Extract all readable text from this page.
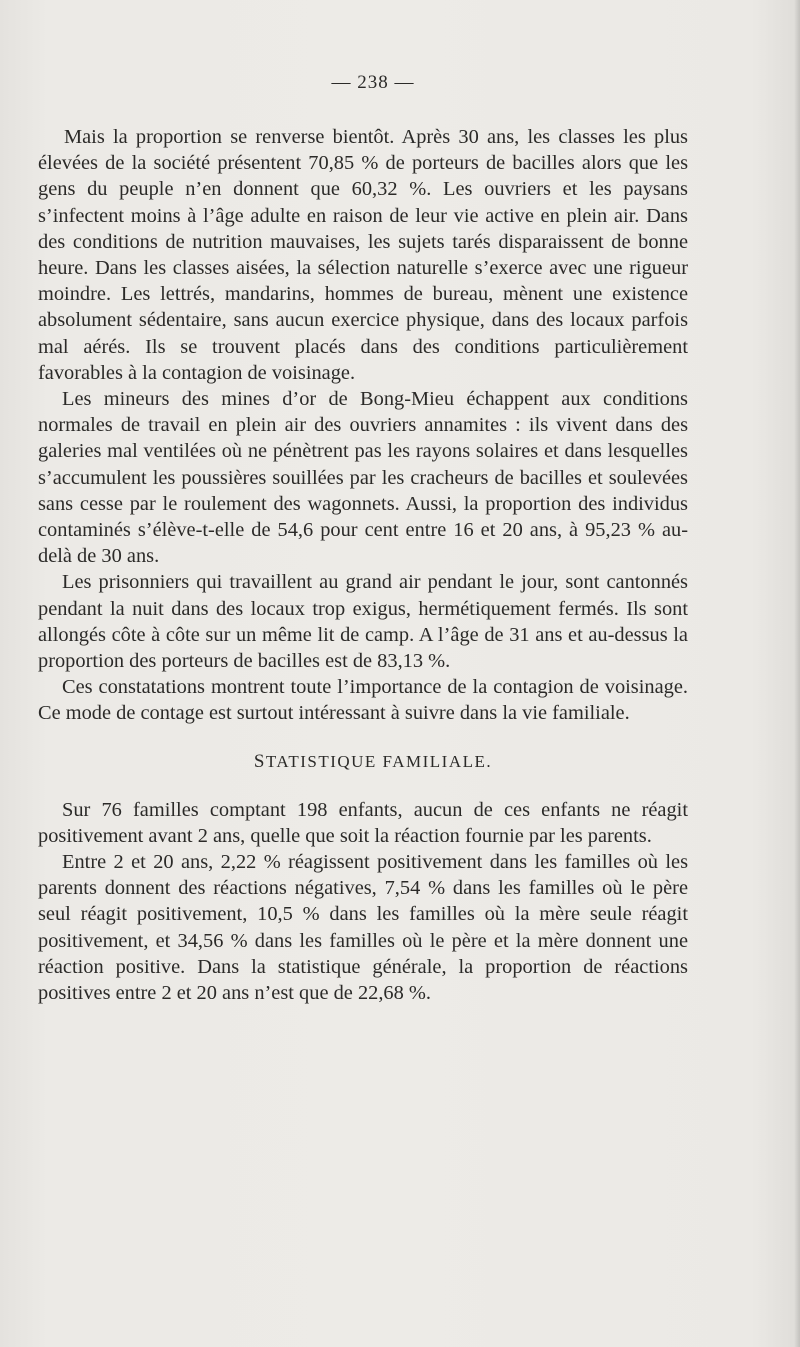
— 238 —

Mais la proportion se renverse bientôt. Après 30 ans, les classes les plus élevées de la société présentent 70,85 % de porteurs de bacilles alors que les gens du peuple n’en donnent que 60,32 %. Les ouvriers et les paysans s’infectent moins à l’âge adulte en raison de leur vie active en plein air. Dans des conditions de nutrition mauvaises, les sujets tarés disparaissent de bonne heure. Dans les classes aisées, la sélection naturelle s’exerce avec une rigueur moindre. Les lettrés, mandarins, hommes de bureau, mènent une existence absolument sédentaire, sans aucun exercice physique, dans des locaux parfois mal aérés. Ils se trouvent placés dans des conditions particulièrement favorables à la contagion de voisinage.

Les mineurs des mines d’or de Bong-Mieu échappent aux conditions normales de travail en plein air des ouvriers annamites : ils vivent dans des galeries mal ventilées où ne pénètrent pas les rayons solaires et dans lesquelles s’accumulent les poussières souillées par les cracheurs de bacilles et soulevées sans cesse par le roulement des wagonnets. Aussi, la proportion des individus contaminés s’élève-t-elle de 54,6 pour cent entre 16 et 20 ans, à 95,23 % au-delà de 30 ans.

Les prisonniers qui travaillent au grand air pendant le jour, sont cantonnés pendant la nuit dans des locaux trop exigus, hermétiquement fermés. Ils sont allongés côte à côte sur un même lit de camp. A l’âge de 31 ans et au-dessus la proportion des porteurs de bacilles est de 83,13 %.

Ces constatations montrent toute l’importance de la contagion de voisinage. Ce mode de contage est surtout intéressant à suivre dans la vie familiale.

STATISTIQUE FAMILIALE.

Sur 76 familles comptant 198 enfants, aucun de ces enfants ne réagit positivement avant 2 ans, quelle que soit la réaction fournie par les parents.

Entre 2 et 20 ans, 2,22 % réagissent positivement dans les familles où les parents donnent des réactions négatives, 7,54 % dans les familles où le père seul réagit positivement, 10,5 % dans les familles où la mère seule réagit positivement, et 34,56 % dans les familles où le père et la mère donnent une réaction positive. Dans la statistique générale, la proportion de réactions positives entre 2 et 20 ans n’est que de 22,68 %.
